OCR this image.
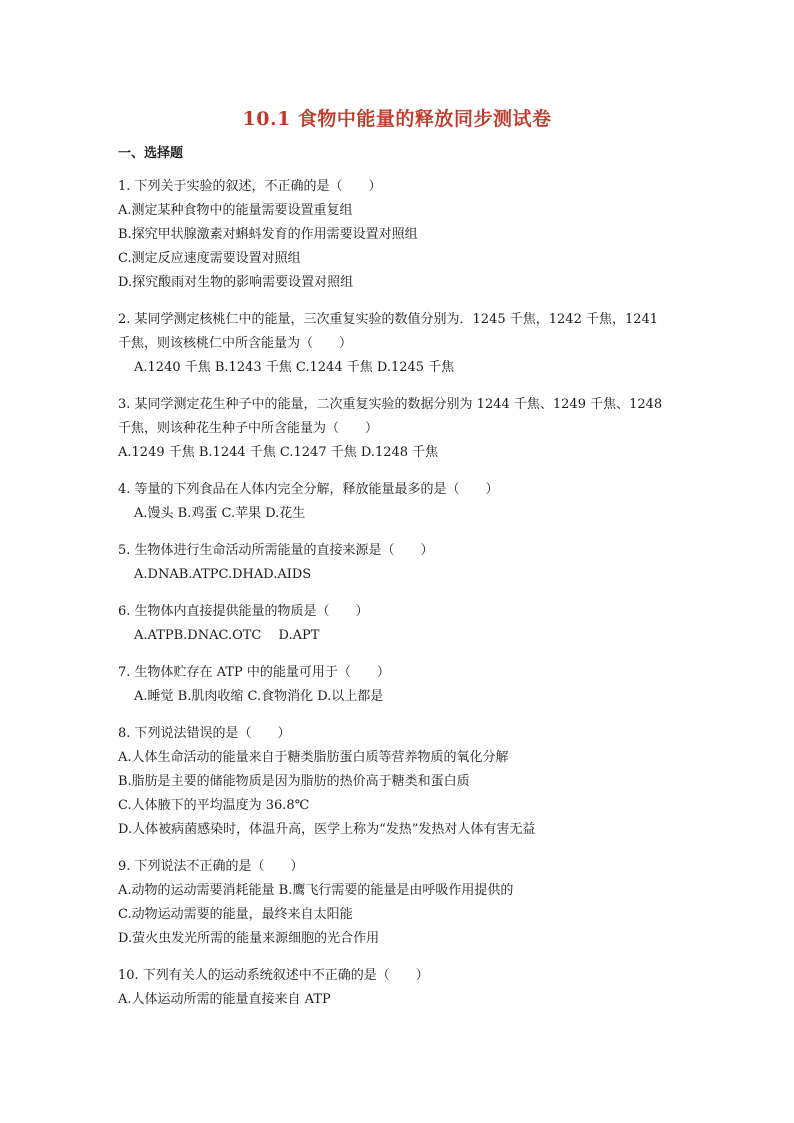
10.1 食物中能量的释放同步测试卷
一、选择题
1. 下列关于实验的叙述，不正确的是（　　）
A.测定某种食物中的能量需要设置重复组
B.探究甲状腺激素对蝌蚪发育的作用需要设置对照组
C.测定反应速度需要设置对照组
D.探究酸雨对生物的影响需要设置对照组
2. 某同学测定核桃仁中的能量，三次重复实验的数值分别为．1245 千焦，1242 千焦，1241
千焦，则该核桃仁中所含能量为（　　）
A.1240 千焦 B.1243 千焦 C.1244 千焦 D.1245 千焦
3. 某同学测定花生种子中的能量，二次重复实验的数据分别为 1244 千焦、1249 千焦、1248
千焦，则该种花生种子中所含能量为（　　）
A.1249 千焦 B.1244 千焦 C.1247 千焦 D.1248 千焦
4. 等量的下列食品在人体内完全分解，释放能量最多的是（　　）
A.馒头 B.鸡蛋 C.苹果 D.花生
5. 生物体进行生命活动所需能量的直接来源是（　　）
A.DNAB.ATPC.DHAD.AIDS
6. 生物体内直接提供能量的物质是（　　）
A.ATPB.DNAC.OTC　 D.APT
7. 生物体贮存在 ATP 中的能量可用于（　　）
A.睡觉 B.肌肉收缩 C.食物消化 D.以上都是
8. 下列说法错误的是（　　）
A.人体生命活动的能量来自于糖类脂肪蛋白质等营养物质的氧化分解
B.脂肪是主要的储能物质是因为脂肪的热价高于糖类和蛋白质
C.人体腋下的平均温度为 36.8℃
D.人体被病菌感染时，体温升高，医学上称为“发热”发热对人体有害无益
9. 下列说法不正确的是（　　）
A.动物的运动需要消耗能量 B.鹰飞行需要的能量是由呼吸作用提供的
C.动物运动需要的能量，最终来自太阳能
D.萤火虫发光所需的能量来源细胞的光合作用
10. 下列有关人的运动系统叙述中不正确的是（　　）
A.人体运动所需的能量直接来自 ATP
